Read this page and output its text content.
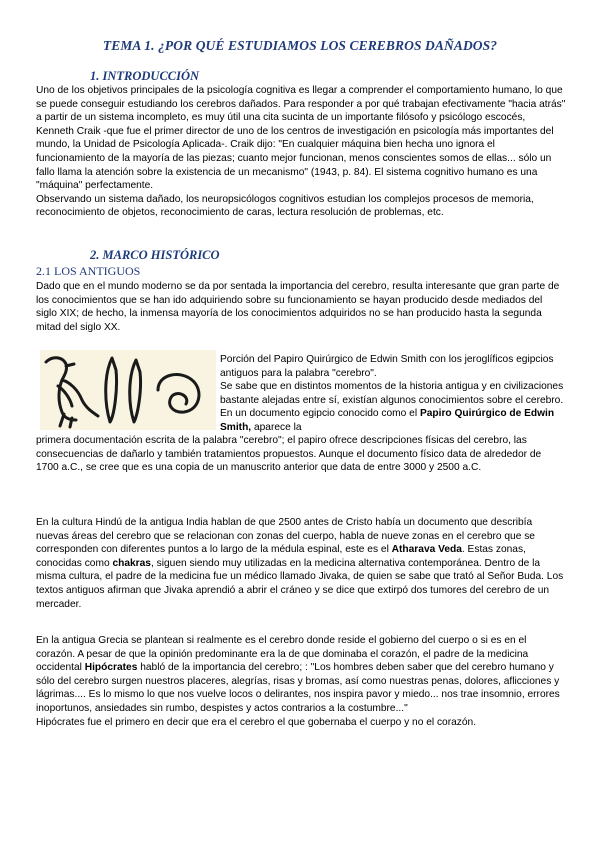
TEMA 1. ¿POR QUÉ ESTUDIAMOS LOS CEREBROS DAÑADOS?
1. INTRODUCCIÓN

Uno de los objetivos principales de la psicología cognitiva es llegar a comprender el comportamiento humano, lo que se puede conseguir estudiando los cerebros dañados. Para responder a por qué trabajan efectivamente "hacia atrás" a partir de un sistema incompleto, es muy útil una cita sucinta de un importante filósofo y psicólogo escocés, Kenneth Craik -que fue el primer director de uno de los centros de investigación en psicología más importantes del mundo, la Unidad de Psicología Aplicada-. Craik dijo: "En cualquier máquina bien hecha uno ignora el funcionamiento de la mayoría de las piezas; cuanto mejor funcionan, menos conscientes somos de ellas... sólo un fallo llama la atención sobre la existencia de un mecanismo" (1943, p. 84). El sistema cognitivo humano es una "máquina" perfectamente.

Observando un sistema dañado, los neuropsicólogos cognitivos estudian los complejos procesos de memoria, reconocimiento de objetos, reconocimiento de caras, lectura resolución de problemas, etc.

2. MARCO HISTÓRICO
2.1 LOS ANTIGUOS
Dado que en el mundo moderno se da por sentada la importancia del cerebro, resulta interesante que gran parte de los conocimientos que se han ido adquiriendo sobre su funcionamiento se hayan producido desde mediados del siglo XIX; de hecho, la inmensa mayoría de los conocimientos adquiridos no se han producido hasta la segunda mitad del siglo XX.
Porción del Papiro Quirúrgico de Edwin Smith con los jeroglíficos egipcios antiguos para la palabra "cerebro".
Se sabe que en distintos momentos de la historia antigua y en civilizaciones bastante alejadas entre sí, existían algunos conocimientos sobre el cerebro. En un documento egipcio conocido como el Papiro Quirúrgico de Edwin Smith, aparece la
primera documentación escrita de la palabra "cerebro"; el papiro ofrece descripciones físicas del cerebro, las consecuencias de dañarlo y también tratamientos propuestos. Aunque el documento físico data de alrededor de 1700 a.C., se cree que es una copia de un manuscrito anterior que data de entre 3000 y 2500 a.C.
En la cultura Hindú de la antigua India hablan de que 2500 antes de Cristo había un documento que describía nuevas áreas del cerebro que se relacionan con zonas del cuerpo, habla de nueve zonas en el cerebro que se corresponden con diferentes puntos a lo largo de la médula espinal, este es el Atharava Veda. Estas zonas, conocidas como chakras, siguen siendo muy utilizadas en la medicina alternativa contemporánea. Dentro de la misma cultura, el padre de la medicina fue un médico llamado Jivaka, de quien se sabe que trató al Señor Buda. Los textos antiguos afirman que Jivaka aprendió a abrir el cráneo y se dice que extirpó dos tumores del cerebro de un mercader.
En la antigua Grecia se plantean si realmente es el cerebro donde reside el gobierno del cuerpo o si es en el corazón. A pesar de que la opinión predominante era la de que dominaba el corazón, el padre de la medicina occidental Hipócrates habló de la importancia del cerebro; : "Los hombres deben saber que del cerebro humano y sólo del cerebro surgen nuestros placeres, alegrías, risas y bromas, así como nuestras penas, dolores, aflicciones y lágrimas.... Es lo mismo lo que nos vuelve locos o delirantes, nos inspira pavor y miedo... nos trae insomnio, errores inoportunos, ansiedades sin rumbo, despistes y actos contrarios a la costumbre..."
Hipócrates fue el primero en decir que era el cerebro el que gobernaba el cuerpo y no el corazón.
